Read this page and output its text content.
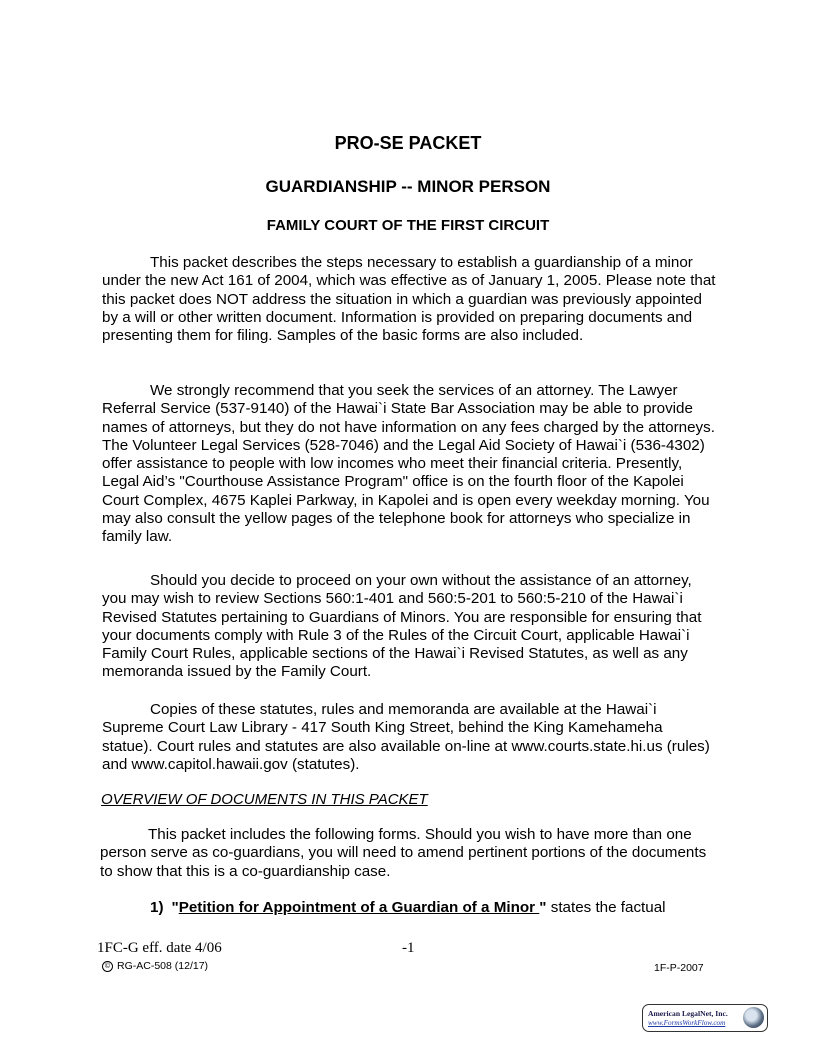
PRO-SE PACKET
GUARDIANSHIP -- MINOR PERSON
FAMILY COURT OF THE FIRST CIRCUIT

This packet describes the steps necessary to establish a guardianship of a minor under the new Act 161 of 2004, which was effective as of January 1, 2005. Please note that this packet does NOT address the situation in which a guardian was previously appointed by a will or other written document. Information is provided on preparing documents and presenting them for filing. Samples of the basic forms are also included.

We strongly recommend that you seek the services of an attorney. The Lawyer Referral Service (537-9140) of the Hawai`i State Bar Association may be able to provide names of attorneys, but they do not have information on any fees charged by the attorneys. The Volunteer Legal Services (528-7046) and the Legal Aid Society of Hawai`i (536-4302) offer assistance to people with low incomes who meet their financial criteria. Presently, Legal Aid’s "Courthouse Assistance Program" office is on the fourth floor of the Kapolei Court Complex, 4675 Kaplei Parkway, in Kapolei and is open every weekday morning. You may also consult the yellow pages of the telephone book for attorneys who specialize in family law.

Should you decide to proceed on your own without the assistance of an attorney, you may wish to review Sections 560:1-401 and 560:5-201 to 560:5-210 of the Hawai`i Revised Statutes pertaining to Guardians of Minors. You are responsible for ensuring that your documents comply with Rule 3 of the Rules of the Circuit Court, applicable Hawai`i Family Court Rules, applicable sections of the Hawai`i Revised Statutes, as well as any memoranda issued by the Family Court.

Copies of these statutes, rules and memoranda are available at the Hawai`i Supreme Court Law Library - 417 South King Street, behind the King Kamehameha statue). Court rules and statutes are also available on-line at www.courts.state.hi.us (rules) and www.capitol.hawaii.gov (statutes).

OVERVIEW OF DOCUMENTS IN THIS PACKET

This packet includes the following forms. Should you wish to have more than one person serve as co-guardians, you will need to amend pertinent portions of the documents to show that this is a co-guardianship case.

1) "Petition for Appointment of a Guardian of a Minor " states the factual
1FC-G eff. date 4/06	-1
© RG-AC-508 (12/17)	1F-P-2007
American LegalNet, Inc.
www.FormsWorkFlow.com
